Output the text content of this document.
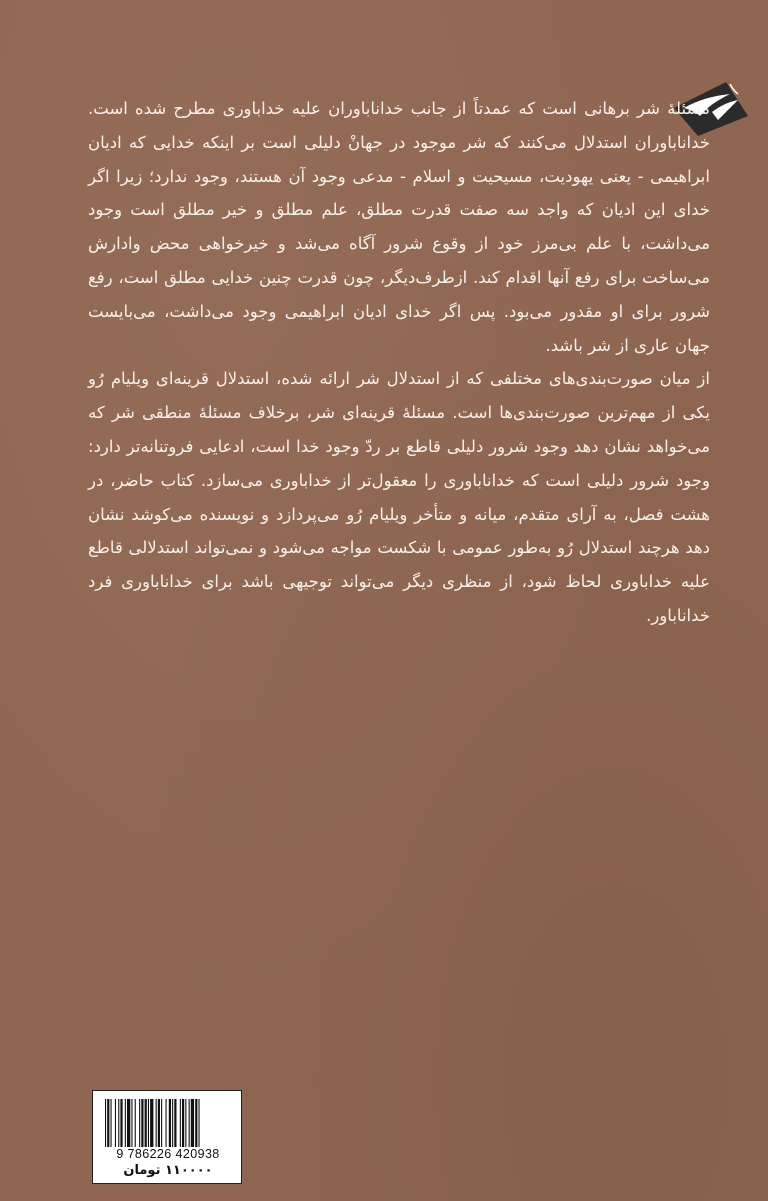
مسئلهٔ شر برهانی است که عمدتاً از جانب خداناباوران علیه خداباوری مطرح شده است. خداناباوران استدلال می‌کنند که شر موجود در جهانْ دلیلی است بر اینکه خدایی که ادیان ابراهیمی - یعنی یهودیت، مسیحیت و اسلام - مدعی وجود آن هستند، وجود ندارد؛ زیرا اگر خدای این ادیان که واجد سه صفت قدرت مطلق، علم مطلق و خیر مطلق است وجود می‌داشت، با علم بی‌مرز خود از وقوع شرور آگاه می‌شد و خیرخواهی محض وادارش می‌ساخت برای رفع آنها اقدام کند. ازطرف‌دیگر، چون قدرت چنین خدایی مطلق است، رفع شرور برای او مقدور می‌بود. پس اگر خدای ادیان ابراهیمی وجود می‌داشت، می‌بایست جهان عاری از شر باشد.

از میان صورت‌بندی‌های مختلفی که از استدلال شر ارائه شده، استدلال قرینه‌ای ویلیام رُو یکی از مهم‌ترین صورت‌بندی‌ها است. مسئلهٔ قرینه‌ای شر، برخلاف مسئلهٔ منطقی شر که می‌خواهد نشان دهد وجود شرور دلیلی قاطع بر ردّ وجود خدا است، ادعایی فروتنانه‌تر دارد: وجود شرور دلیلی است که خداناباوری را معقول‌تر از خداباوری می‌سازد. کتاب حاضر، در هشت فصل، به آرای متقدم، میانه و متأخر ویلیام رُو می‌پردازد و نویسنده می‌کوشد نشان دهد هرچند استدلال رُو به‌طور عمومی با شکست مواجه می‌شود و نمی‌تواند استدلالی قاطع علیه خداباوری لحاظ شود، از منظری دیگر می‌تواند توجیهی باشد برای خداناباوری فرد خداناباور.

9 786226 420938
۱۱۰۰۰۰ تومان
